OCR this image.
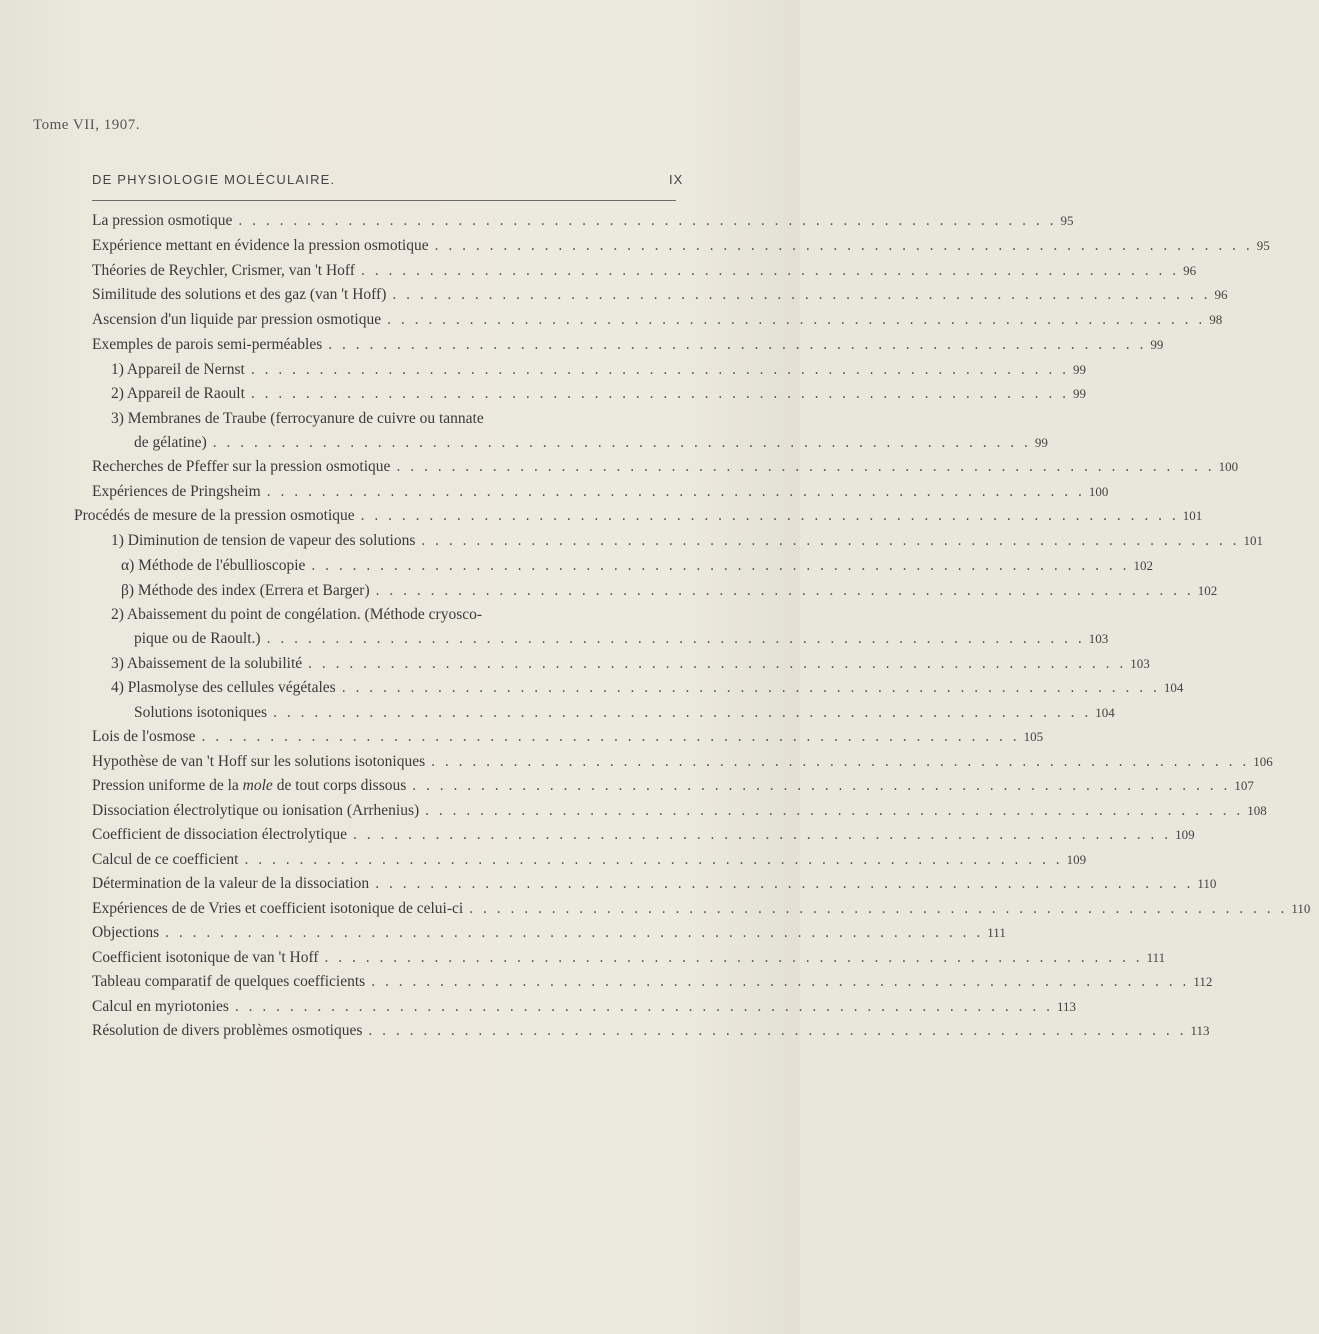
Tome VII, 1907.
DE PHYSIOLOGIE MOLÉCULAIRE.	IX
La pression osmotique . . . . . . . . . . . . . . . . . . . . . . . . . . . . . . . . . . . . . . . . . . . . . . . . . . . . . . . . . . . . 95
Expérience mettant en évidence la pression osmotique . . . . . . . . . . . . . . . . . . . . . . . . . . . . . . . . . . . . . . . . . . . . . . . . . . . . . . . . . . . . 95
Théories de Reychler, Crismer, van 't Hoff . . . . . . . . . . . . . . . . . . . . . . . . . . . . . . . . . . . . . . . . . . . . . . . . . . . . . . . . . . . . 96
Similitude des solutions et des gaz (van 't Hoff) . . . . . . . . . . . . . . . . . . . . . . . . . . . . . . . . . . . . . . . . . . . . . . . . . . . . . . . . . . . . 96
Ascension d'un liquide par pression osmotique . . . . . . . . . . . . . . . . . . . . . . . . . . . . . . . . . . . . . . . . . . . . . . . . . . . . . . . . . . . . 98
Exemples de parois semi-perméables . . . . . . . . . . . . . . . . . . . . . . . . . . . . . . . . . . . . . . . . . . . . . . . . . . . . . . . . . . . . 99
1) Appareil de Nernst . . . . . . . . . . . . . . . . . . . . . . . . . . . . . . . . . . . . . . . . . . . . . . . . . . . . . . . . . . . . 99
2) Appareil de Raoult . . . . . . . . . . . . . . . . . . . . . . . . . . . . . . . . . . . . . . . . . . . . . . . . . . . . . . . . . . . . 99
3) Membranes de Traube (ferrocyanure de cuivre ou tannate
de gélatine) . . . . . . . . . . . . . . . . . . . . . . . . . . . . . . . . . . . . . . . . . . . . . . . . . . . . . . . . . . . . 99
Recherches de Pfeffer sur la pression osmotique . . . . . . . . . . . . . . . . . . . . . . . . . . . . . . . . . . . . . . . . . . . . . . . . . . . . . . . . . . . . 100
Expériences de Pringsheim . . . . . . . . . . . . . . . . . . . . . . . . . . . . . . . . . . . . . . . . . . . . . . . . . . . . . . . . . . . . 100
Procédés de mesure de la pression osmotique . . . . . . . . . . . . . . . . . . . . . . . . . . . . . . . . . . . . . . . . . . . . . . . . . . . . . . . . . . . . 101
1) Diminution de tension de vapeur des solutions . . . . . . . . . . . . . . . . . . . . . . . . . . . . . . . . . . . . . . . . . . . . . . . . . . . . . . . . . . . . 101
α) Méthode de l'ébullioscopie . . . . . . . . . . . . . . . . . . . . . . . . . . . . . . . . . . . . . . . . . . . . . . . . . . . . . . . . . . . . 102
β) Méthode des index (Errera et Barger) . . . . . . . . . . . . . . . . . . . . . . . . . . . . . . . . . . . . . . . . . . . . . . . . . . . . . . . . . . . . 102
2) Abaissement du point de congélation. (Méthode cryosco-
pique ou de Raoult.) . . . . . . . . . . . . . . . . . . . . . . . . . . . . . . . . . . . . . . . . . . . . . . . . . . . . . . . . . . . . 103
3) Abaissement de la solubilité . . . . . . . . . . . . . . . . . . . . . . . . . . . . . . . . . . . . . . . . . . . . . . . . . . . . . . . . . . . . 103
4) Plasmolyse des cellules végétales . . . . . . . . . . . . . . . . . . . . . . . . . . . . . . . . . . . . . . . . . . . . . . . . . . . . . . . . . . . . 104
Solutions isotoniques . . . . . . . . . . . . . . . . . . . . . . . . . . . . . . . . . . . . . . . . . . . . . . . . . . . . . . . . . . . . 104
Lois de l'osmose . . . . . . . . . . . . . . . . . . . . . . . . . . . . . . . . . . . . . . . . . . . . . . . . . . . . . . . . . . . . 105
Hypothèse de van 't Hoff sur les solutions isotoniques . . . . . . . . . . . . . . . . . . . . . . . . . . . . . . . . . . . . . . . . . . . . . . . . . . . . . . . . . . . . 106
Pression uniforme de la mole de tout corps dissous . . . . . . . . . . . . . . . . . . . . . . . . . . . . . . . . . . . . . . . . . . . . . . . . . . . . . . . . . . . . 107
Dissociation électrolytique ou ionisation (Arrhenius) . . . . . . . . . . . . . . . . . . . . . . . . . . . . . . . . . . . . . . . . . . . . . . . . . . . . . . . . . . . . 108
Coefficient de dissociation électrolytique . . . . . . . . . . . . . . . . . . . . . . . . . . . . . . . . . . . . . . . . . . . . . . . . . . . . . . . . . . . . 109
Calcul de ce coefficient . . . . . . . . . . . . . . . . . . . . . . . . . . . . . . . . . . . . . . . . . . . . . . . . . . . . . . . . . . . . 109
Détermination de la valeur de la dissociation . . . . . . . . . . . . . . . . . . . . . . . . . . . . . . . . . . . . . . . . . . . . . . . . . . . . . . . . . . . . 110
Expériences de de Vries et coefficient isotonique de celui-ci . . . . . . . . . . . . . . . . . . . . . . . . . . . . . . . . . . . . . . . . . . . . . . . . . . . . . . . . . . . . 110
Objections . . . . . . . . . . . . . . . . . . . . . . . . . . . . . . . . . . . . . . . . . . . . . . . . . . . . . . . . . . . . 111
Coefficient isotonique de van 't Hoff . . . . . . . . . . . . . . . . . . . . . . . . . . . . . . . . . . . . . . . . . . . . . . . . . . . . . . . . . . . . 111
Tableau comparatif de quelques coefficients . . . . . . . . . . . . . . . . . . . . . . . . . . . . . . . . . . . . . . . . . . . . . . . . . . . . . . . . . . . . 112
Calcul en myriotonies . . . . . . . . . . . . . . . . . . . . . . . . . . . . . . . . . . . . . . . . . . . . . . . . . . . . . . . . . . . . 113
Résolution de divers problèmes osmotiques . . . . . . . . . . . . . . . . . . . . . . . . . . . . . . . . . . . . . . . . . . . . . . . . . . . . . . . . . . . . 113
